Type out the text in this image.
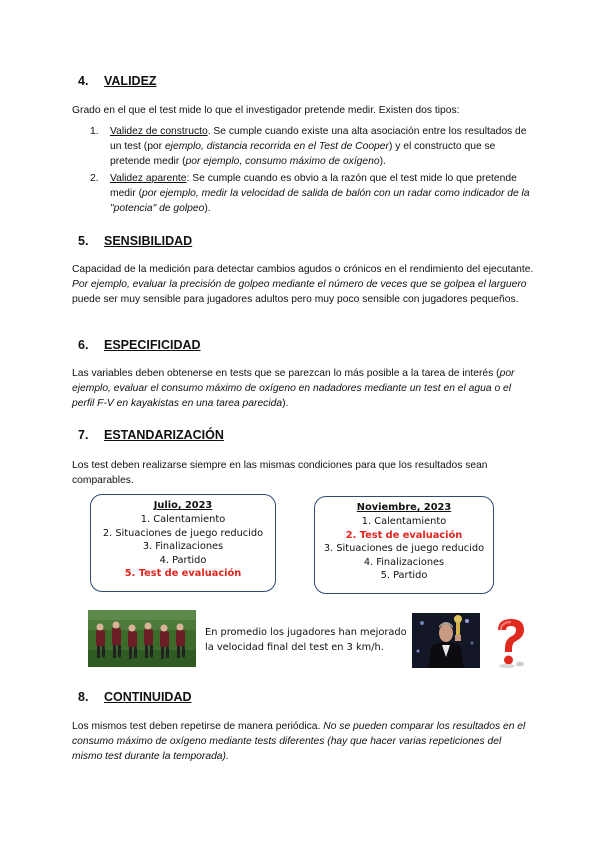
4. VALIDEZ

Grado en el que el test mide lo que el investigador pretende medir. Existen dos tipos:

1. Validez de constructo. Se cumple cuando existe una alta asociación entre los resultados de un test (por ejemplo, distancia recorrida en el Test de Cooper) y el constructo que se pretende medir (por ejemplo, consumo máximo de oxígeno).
2. Validez aparente: Se cumple cuando es obvio a la razón que el test mide lo que pretende medir (por ejemplo, medir la velocidad de salida de balón con un radar como indicador de la "potencia" de golpeo).
5. SENSIBILIDAD

Capacidad de la medición para detectar cambios agudos o crónicos en el rendimiento del ejecutante. Por ejemplo, evaluar la precisión de golpeo mediante el número de veces que se golpea el larguero puede ser muy sensible para jugadores adultos pero muy poco sensible con jugadores pequeños.

6. ESPECIFICIDAD

Las variables deben obtenerse en tests que se parezcan lo más posible a la tarea de interés (por ejemplo, evaluar el consumo máximo de oxígeno en nadadores mediante un test en el agua o el perfil F-V en kayakistas en una tarea parecida).

7. ESTANDARIZACIÓN

Los test deben realizarse siempre en las mismas condiciones para que los resultados sean comparables.

Julio, 2023
1. Calentamiento
2. Situaciones de juego reducido
3. Finalizaciones
4. Partido
5. Test de evaluación
Noviembre, 2023
1. Calentamiento
2. Test de evaluación
3. Situaciones de juego reducido
4. Finalizaciones
5. Partido
En promedio los jugadores han mejorado la velocidad final del test en 3 km/h.
8. CONTINUIDAD

Los mismos test deben repetirse de manera periódica. No se pueden comparar los resultados en el consumo máximo de oxígeno mediante tests diferentes (hay que hacer varias repeticiones del mismo test durante la temporada).
